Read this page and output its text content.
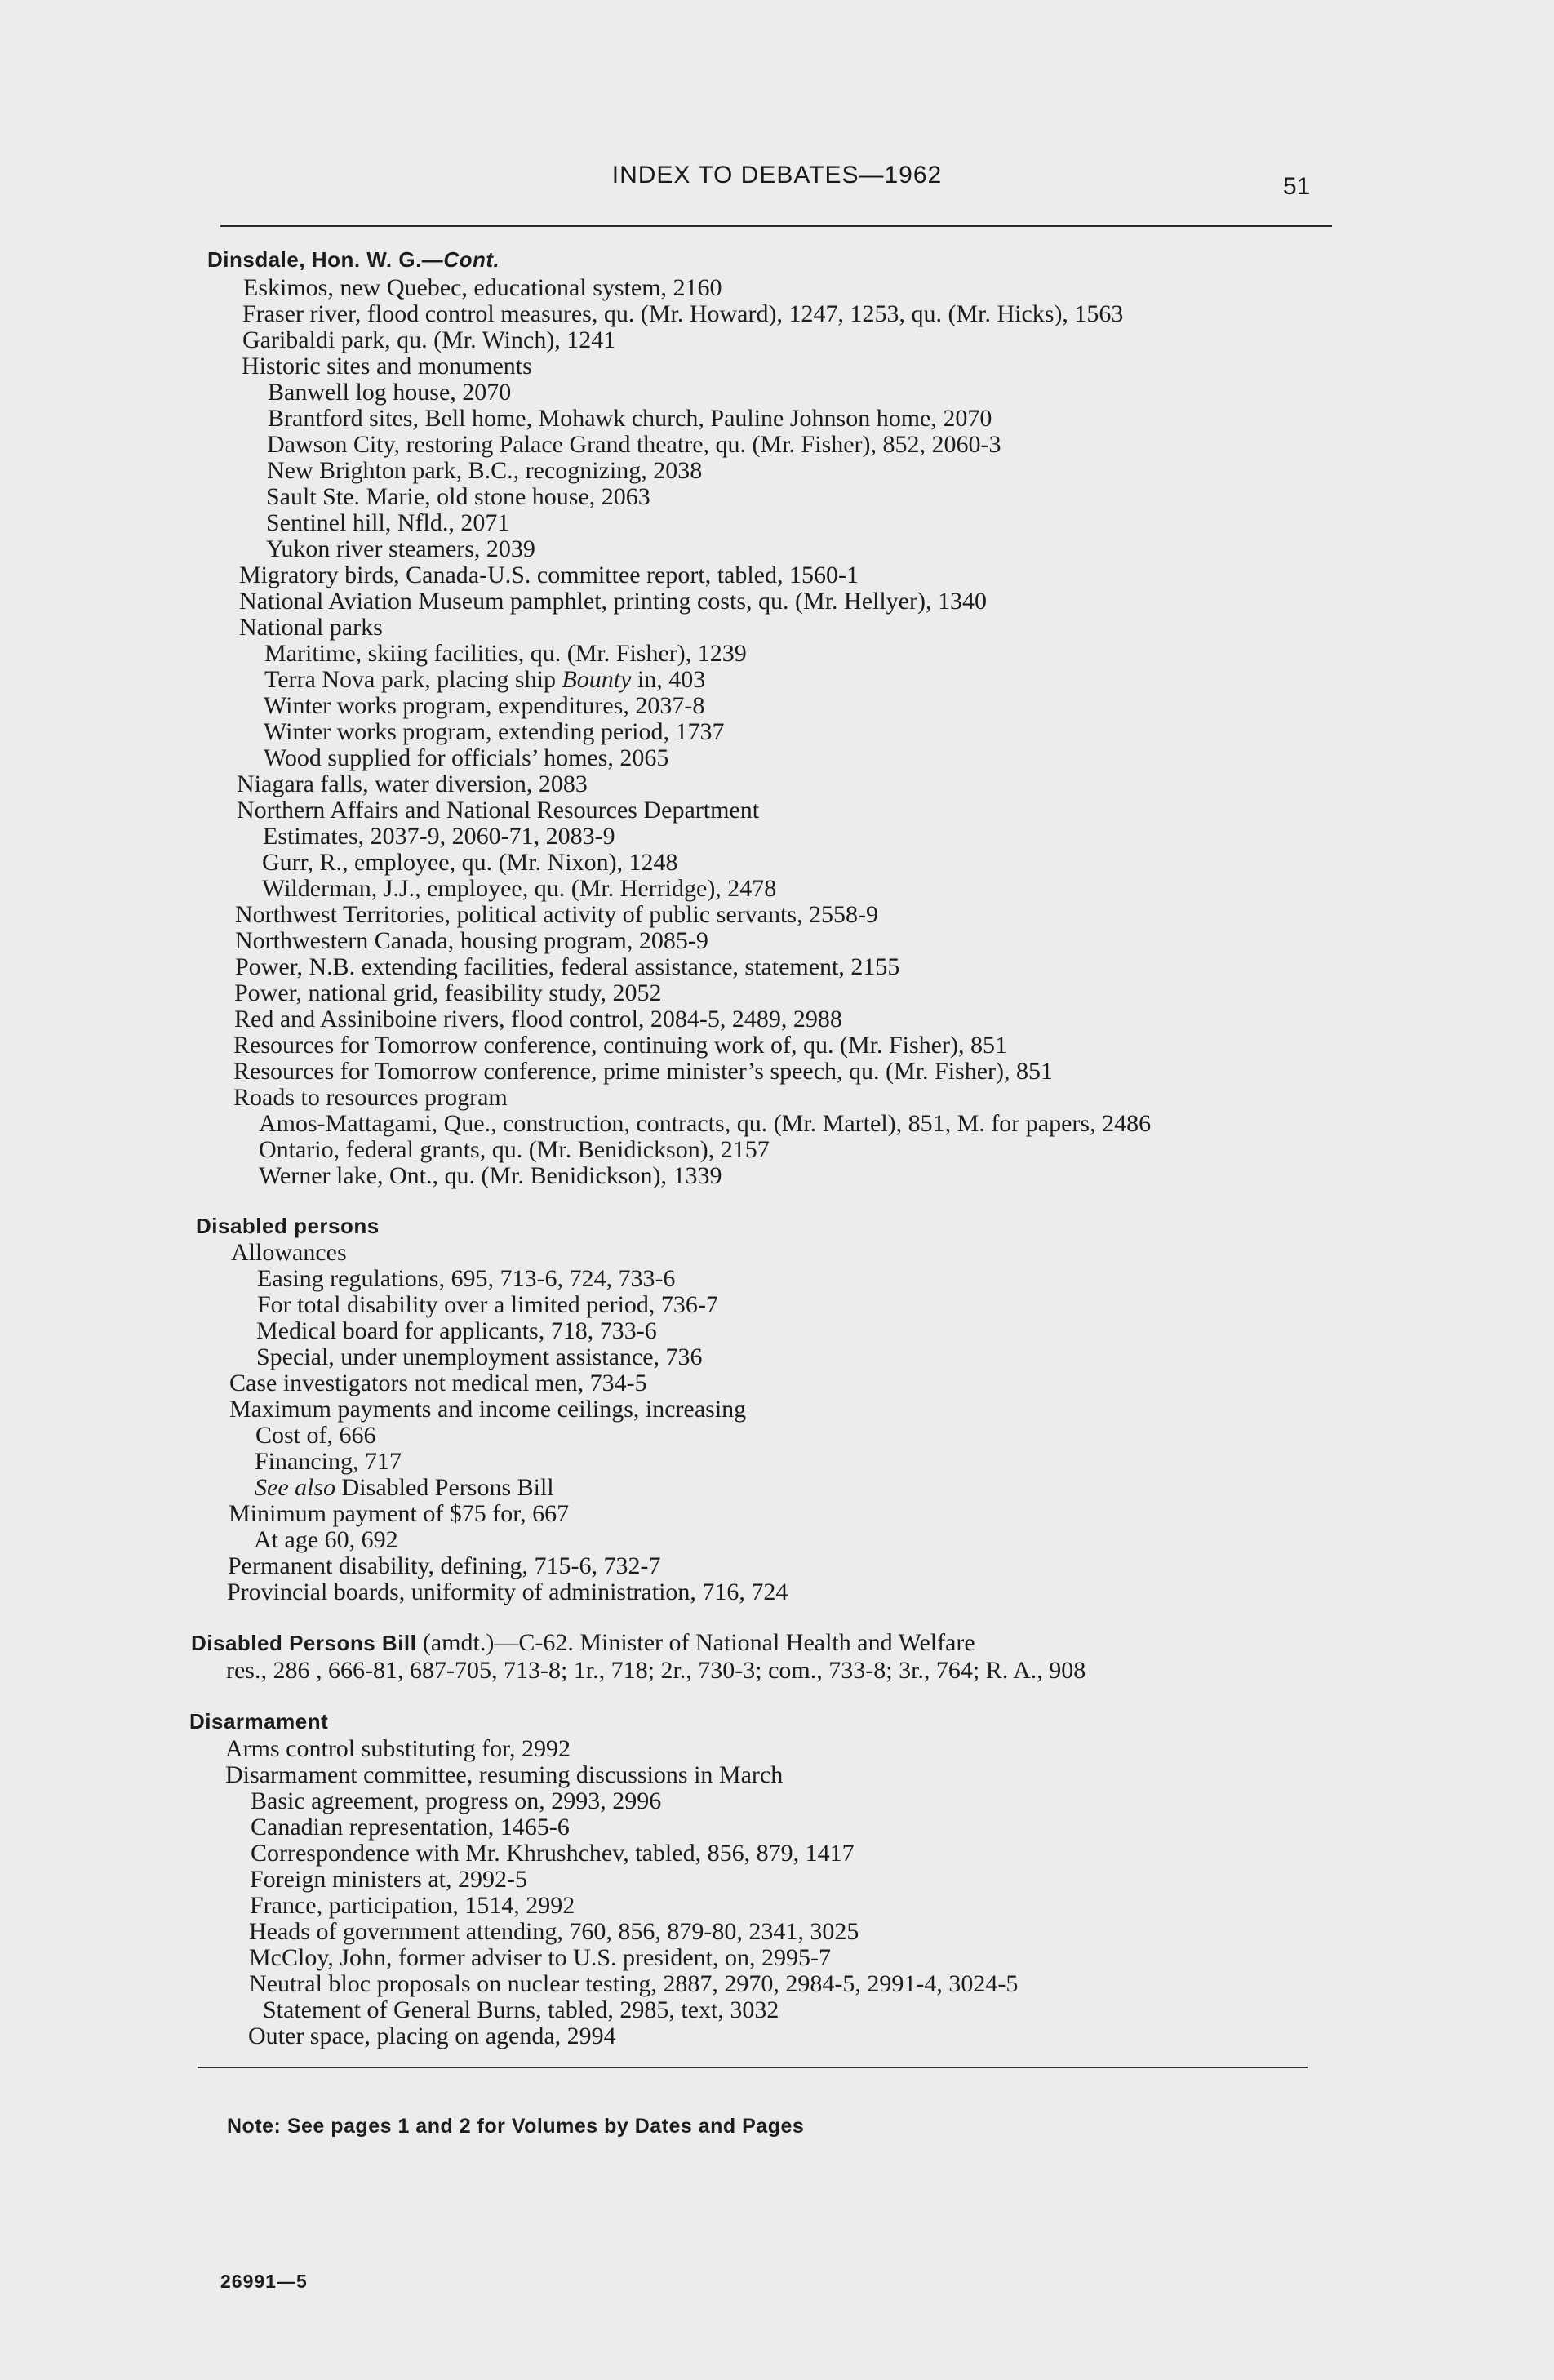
INDEX TO DEBATES—1962	51
Dinsdale, Hon. W. G.—Cont.
Eskimos, new Quebec, educational system, 2160
Fraser river, flood control measures, qu. (Mr. Howard), 1247, 1253, qu. (Mr. Hicks), 1563
Garibaldi park, qu. (Mr. Winch), 1241
Historic sites and monuments
Banwell log house, 2070
Brantford sites, Bell home, Mohawk church, Pauline Johnson home, 2070
Dawson City, restoring Palace Grand theatre, qu. (Mr. Fisher), 852, 2060-3
New Brighton park, B.C., recognizing, 2038
Sault Ste. Marie, old stone house, 2063
Sentinel hill, Nfld., 2071
Yukon river steamers, 2039
Migratory birds, Canada-U.S. committee report, tabled, 1560-1
National Aviation Museum pamphlet, printing costs, qu. (Mr. Hellyer), 1340
National parks
Maritime, skiing facilities, qu. (Mr. Fisher), 1239
Terra Nova park, placing ship Bounty in, 403
Winter works program, expenditures, 2037-8
Winter works program, extending period, 1737
Wood supplied for officials’ homes, 2065
Niagara falls, water diversion, 2083
Northern Affairs and National Resources Department
Estimates, 2037-9, 2060-71, 2083-9
Gurr, R., employee, qu. (Mr. Nixon), 1248
Wilderman, J.J., employee, qu. (Mr. Herridge), 2478
Northwest Territories, political activity of public servants, 2558-9
Northwestern Canada, housing program, 2085-9
Power, N.B. extending facilities, federal assistance, statement, 2155
Power, national grid, feasibility study, 2052
Red and Assiniboine rivers, flood control, 2084-5, 2489, 2988
Resources for Tomorrow conference, continuing work of, qu. (Mr. Fisher), 851
Resources for Tomorrow conference, prime minister’s speech, qu. (Mr. Fisher), 851
Roads to resources program
Amos-Mattagami, Que., construction, contracts, qu. (Mr. Martel), 851, M. for papers, 2486
Ontario, federal grants, qu. (Mr. Benidickson), 2157
Werner lake, Ont., qu. (Mr. Benidickson), 1339
Disabled persons
Allowances
Easing regulations, 695, 713-6, 724, 733-6
For total disability over a limited period, 736-7
Medical board for applicants, 718, 733-6
Special, under unemployment assistance, 736
Case investigators not medical men, 734-5
Maximum payments and income ceilings, increasing
Cost of, 666
Financing, 717
See also Disabled Persons Bill
Minimum payment of $75 for, 667
At age 60, 692
Permanent disability, defining, 715-6, 732-7
Provincial boards, uniformity of administration, 716, 724
Disabled Persons Bill (amdt.)—C-62. Minister of National Health and Welfare
res., 286 , 666-81, 687-705, 713-8; 1r., 718; 2r., 730-3; com., 733-8; 3r., 764; R. A., 908
Disarmament
Arms control substituting for, 2992
Disarmament committee, resuming discussions in March
Basic agreement, progress on, 2993, 2996
Canadian representation, 1465-6
Correspondence with Mr. Khrushchev, tabled, 856, 879, 1417
Foreign ministers at, 2992-5
France, participation, 1514, 2992
Heads of government attending, 760, 856, 879-80, 2341, 3025
McCloy, John, former adviser to U.S. president, on, 2995-7
Neutral bloc proposals on nuclear testing, 2887, 2970, 2984-5, 2991-4, 3024-5
Statement of General Burns, tabled, 2985, text, 3032
Outer space, placing on agenda, 2994
Note: See pages 1 and 2 for Volumes by Dates and Pages
26991—5
